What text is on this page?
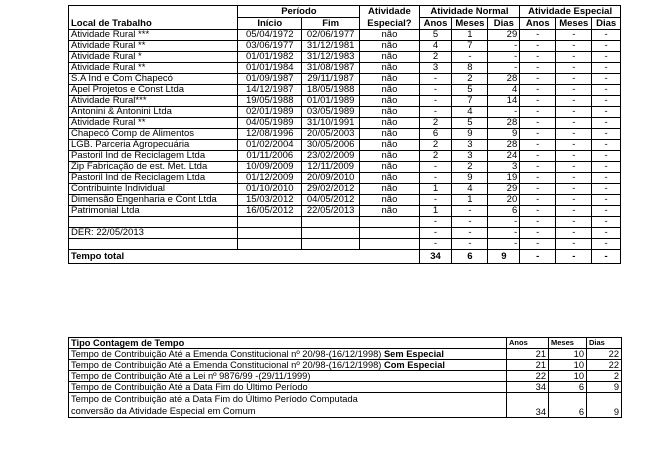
	Período		Atividade	Atividade Normal			Atividade Especial		
Local de Trabalho	Início	Fim	Especial?	Anos	Meses	Dias	Anos	Meses	Dias
Atividade Rural ***	05/04/1972	02/06/1977	não	5	1	29	-	-	-
Atividade Rural **	03/06/1977	31/12/1981	não	4	7	-	-	-	-
Atividade Rural *	01/01/1982	31/12/1983	não	2	-	-	-	-	-
Atividade Rural **	01/01/1984	31/08/1987	não	3	8	-	-	-	-
S.A Ind e Com Chapecó	01/09/1987	29/11/1987	não	-	2	28	-	-	-
Apel Projetos e Const Ltda	14/12/1987	18/05/1988	não	-	5	4	-	-	-
Atividade Rural***	19/05/1988	01/01/1989	não	-	7	14	-	-	-
Antonini & Antonini Ltda	02/01/1989	03/05/1989	não	-	4	-	-	-	-
Atividade Rural **	04/05/1989	31/10/1991	não	2	5	28	-	-	-
Chapecó Comp de Alimentos	12/08/1996	20/05/2003	não	6	9	9	-	-	-
LGB. Parceria Agropecuária	01/02/2004	30/05/2006	não	2	3	28	-	-	-
Pastoril Ind de Reciclagem Ltda	01/11/2006	23/02/2009	não	2	3	24	-	-	-
Zip Fabricação de est. Met. Ltda	10/09/2009	12/11/2009	não	-	2	3	-	-	-
Pastoril Ind de Reciclagem Ltda	01/12/2009	20/09/2010	não	-	9	19	-	-	-
Contribuinte Individual	01/10/2010	29/02/2012	não	1	4	29	-	-	-
Dimensão Engenharia e Cont Ltda	15/03/2012	04/05/2012	não	-	1	20	-	-	-
Patrimonial Ltda	16/05/2012	22/05/2013	não	1	-	6	-	-	-
				-	-	-	-	-	-
DER: 22/05/2013				-	-	-	-	-	-
				-	-	-	-	-	-
Tempo total				34	6	9	-	-	-
Tipo Contagem de Tempo	Anos	Meses	Dias
Tempo de Contribuição Até a Emenda Constitucional nº 20/98-(16/12/1998) Sem Especial	21	10	22
Tempo de Contribuição Até a Emenda Constitucional nº 20/98-(16/12/1998) Com Especial	21	10	22
Tempo de Contribuição Até a Lei nº 9876/99 -(29/11/1999)	22	10	2
Tempo de Contribuição Até a Data Fim do Último Período	34	6	9

Tempo de Contribuição até a Data Fim do Último Período Computada
conversão da Atividade Especial em Comum	34	6	9
